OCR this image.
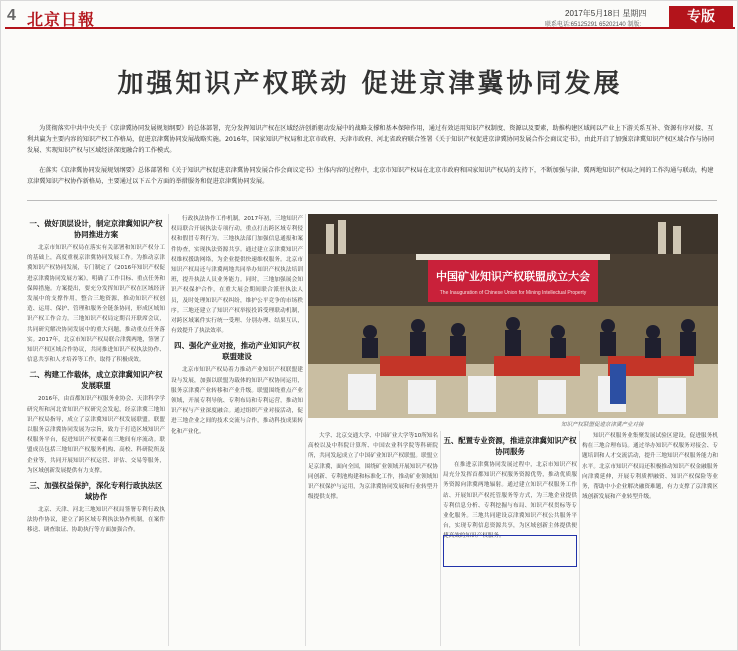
4 北京日報	2017年5月18日 星期四
联系电话:65125291 65202140 制版:	专版
加强知识产权联动 促进京津冀协同发展
为贯彻落实中共中央关于《京津冀协同发展规划纲要》的总体部署，充分发挥知识产权在区域经济创新驱动发展中的战略支撑和基本保障作用，通过有效运用知识产权制度、资源以及要素，助推构建区域间以产业上下游关系互补、资源有序对接、互利共赢为主要内容的知识产权工作格局，促进京津冀协同发展战略实施。2016年，国家知识产权局和北京市政府、天津市政府、河北省政府联合签署《关于知识产权促进京津冀协同发展合作会商议定书》，由此开启了加强京津冀知识产权区域合作与协同发展、实现知识产权与区域经济深度融合的工作模式。
在落实《京津冀协同发展规划纲要》总体部署和《关于知识产权促进京津冀协同发展合作会商议定书》主体内容的过程中，北京市知识产权局在北京市政府和国家知识产权局的支持下，不断加强与津、冀两地知识产权局之间的工作沟通与联动，构建京津冀知识产权协作新格局，主要通过以下五个方面的举措服务和促进京津冀协同发展。
一、做好顶层设计，制定京津冀知识产权协同推进方案

北京市知识产权局在落实有关部署和知识产权分工的基础上，高度重视京津冀协同发展工作。为推动京津冀知识产权协同发展，专门制定了《2016年知识产权促进京津冀协同发展方案》，明确了工作目标、重点任务和保障措施。方案提出，要充分发挥知识产权在区域经济发展中的支撑作用，整合三地资源，推动知识产权创造、运用、保护、管理和服务全链条协同，形成区域知识产权工作合力。三地知识产权局定期召开联席会议，共同研究解决协同发展中的重大问题，推动重点任务落实。2017年，北京市知识产权局联合津冀两地，签署了知识产权区域合作协议，共同推进知识产权执法协作、信息共享和人才培养等工作，取得了积极成效。

二、构建工作载体，成立京津冀知识产权发展联盟

2016年，由首都知识产权服务业协会、天津科学学研究所和河北省知识产权研究会发起，经京津冀三地知识产权局指导，成立了京津冀知识产权发展联盟。联盟以服务京津冀协同发展为宗旨，致力于打造区域知识产权服务平台，促进知识产权要素在三地间有序流动。联盟成员包括三地知识产权服务机构、高校、科研院所及企业等，共同开展知识产权运营、评估、交易等服务，为区域创新发展提供有力支撑。

三、加强权益保护，深化专利行政执法区域协作

北京、天津、河北三地知识产权局签署专利行政执法协作协议，建立了跨区域专利执法协作机制，在案件移送、调查取证、协助执行等方面加强合作。

行政执法协作工作机制，2017年初，三地知识产权局联合开展执法专项行动，重点打击跨区域专利侵权和假冒专利行为。三地执法部门加强信息通报和案件协查，实现执法资源共享。通过建立京津冀知识产权维权援助网络，为企业提供快速维权服务。北京市知识产权局还与津冀两地共同举办知识产权执法培训班，提升执法人员业务能力。同时，三地加强展会知识产权保护合作，在重大展会期间联合派驻执法人员，及时处理知识产权纠纷，维护公平竞争的市场秩序。三地还建立了知识产权举报投诉受理联动机制，对跨区域案件实行统一受理、分别办理、结果互认，有效提升了执法效率。

四、强化产业对接，推动产业知识产权联盟建设

北京市知识产权局着力推动产业知识产权联盟建设与发展，加强以联盟为载体的知识产权协同运用，服务京津冀产业转移和产业升级。联盟围绕重点产业领域，开展专利导航、专利布局和专利运营，推动知识产权与产业深度融合。通过组织产业对接活动，促进三地企业之间的技术交流与合作，推动科技成果转化和产业化。

中国矿业知识产权联盟成立大会
The Inauguration of Chinese Union for Mining Intellectual Property
知识产权联盟促进京津冀产业对接

大学、北京交通大学、中国矿业大学等10所知名高校以及中科院计算所、中国农业科学院等科研院所，共同发起成立了中国矿业知识产权联盟。联盟立足京津冀，面向全国，围绕矿业领域开展知识产权协同创新、专利池构建和标准化工作，推动矿业领域知识产权保护与运用，为京津冀协同发展和行业转型升级提供支撑。

五、配置专业资源，推进京津冀知识产权协同服务

在推进京津冀协同发展过程中，北京市知识产权局充分发挥首都知识产权服务资源优势，推动优质服务资源向津冀两地辐射。通过建立知识产权服务工作站、开展知识产权托管服务等方式，为三地企业提供专利信息分析、专利挖掘与布局、知识产权贯标等专业化服务。三地共同建设京津冀知识产权公共服务平台，实现专利信息资源共享，为区域创新主体提供便捷高效的知识产权服务。

知识产权服务业集聚发展试验区建设，促进服务机构在三地合理布局。通过举办知识产权服务对接会、专题培训和人才交流活动，提升三地知识产权服务能力和水平。北京市知识产权局还积极推动知识产权金融服务向津冀延伸，开展专利质押融资、知识产权保险等业务，帮助中小企业解决融资难题，有力支撑了京津冀区域创新发展和产业转型升级。
